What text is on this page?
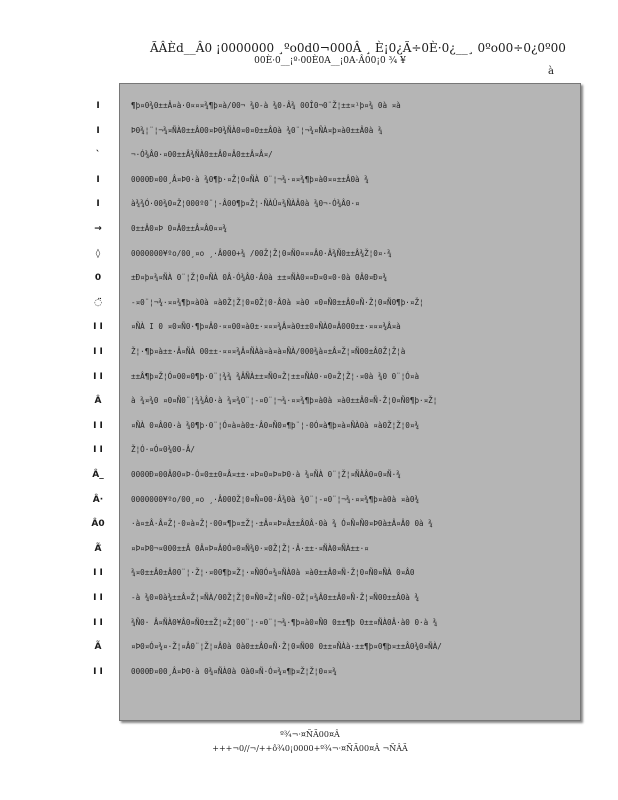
ÃÂÈd__Â0 ¡0000000 ¸ºo0d0¬000Â ¸ È¡0¿Ã÷0È·0¿__¸ 0ºo00÷0¿0º00
00È·0__¡º·00È0A__¡0A·Â00¡0 ¾ ¥
à
I	¶þ¤0¾0±±Â¤à·0¤¤¤¾¶þ¤à/00¬ ¾0-à ¾0-Â¾ 00Î0¬0¨Ž¦±±¤¹þ¤¾ 0à ¤à
I	Þ0¾¦¨¦¬¾¤ÑÀ0±±Â00¤Þ0¾ÑÀ0¤0¤0±±Â0à ¾0¨¦¬¾¤ÑÀ¤þ¤à0±±Â0à ¾
`	¬·Ó¾Â0·¤00±±Â¾ÑÀ0±±Â0¤Â0±±Â¤Â¤/
I	0000Ð¤00¸Â¤Þ0·à ¾0¶þ·¤Ž¦0¤ÑÀ 0¨¦¬¾·¤¤¾¶þ¤à0¤¤±±Â0à ¾
I	à¾¾Ó·00¾0¤Ž¦000º0¨¦-Â00¶þ¤Ž¦·ÑÀÛ¤¾ÑÀÂ0à ¾0¬·Ó¾Â0·¤
→	0±±Â0¤Þ 0¤Â0±±Â¤Â0¤¤¾
◊	0000000¥ºo/00¸¤o ¸·Â000+¾ /00Ž¦Ž¦0¤Ñ0¤¤¤Â0·Â¾Ñ0±±Â¾Ž¦0¤·¾
0	±Ð¤þ¤¾¤ÑÀ 0¨¦Ž¦0¤ÑÀ 0Â·Ó¾Â0·Â0à ±±¤ÑÀ0¤¤Ð¤0¤0·0à 0Â0¤Ð¤¾
◌̈	-¤0¨¦¬¾·¤¤¾¶þ¤à0à ¤à0Ž¦Ž¦0¤0Ž¦0·Â0à ¤à0 ¤0¤Ñ0±±Â0¤Ñ·Ž¦0¤Ñ0¶þ·¤Ž¦
I I	¤ÑÀ I 0 ¤0¤Ñ0·¶þ¤Â0·¤¤00¤à0±·¤¤¤¾Â¤à0±±0¤ÑÀ0¤Â000±±·¤¤¤¾Â¤à
I I	Ž¦·¶þ¤à±±·Â¤ÑÀ 00±±·¤¤¤¾Â¤ÑÀà¤à¤à¤ÑÀ/000¾à¤±Â¤Ž¦¤Ñ00±Â0Ž¦Ž¦à
I I	±±Â¶þ¤Ž¦Ó¤00¤0¶þ·0¨¦¾¾ ¾ÂÑÀ±±¤Ñ0¤Ž¦±±¤ÑÀ0·¤0¤Ž¦Ž¦·¤0à ¾0 0¨¦Ó¤à
Â	à ¾¤¾0 ¤0¤Ñ0¨¦¾¾Â0·à ¾¤¾0¨¦-¤0¨¦¬¾·¤¤¾¶þ¤à0à ¤à0±±Â0¤Ñ·Ž¦0¤Ñ0¶þ·¤Ž¦
I I	¤ÑÀ 0¤Â00·à ¾0¶þ·0¨¦Ó¤à¤à0±·Â0¤Ñ0¤¶þ¨¦·0Ó¤à¶þ¤à¤ÑÀ0à ¤à0Ž¦Ž¦0¤¾
I I	Ž¦Ó·¤Ó¤0¾00-Â/
Â_	0000Ð¤00Â00¤Þ-Ó¤0±±0¤Â¤±±·¤Þ¤0¤Þ¤Þ0·à ¾¤ÑÀ 0¨¦Ž¦¤ÑÀÂ0¤0¤Ñ·¾
Â·	0000000¥ºo/00¸¤o ¸·Â000Ž¦0¤Ñ¤00·Â¾0à ¾0¨¦-¤0¨¦¬¾·¤¤¾¶þ¤à0à ¤à0¾
Â0	·à¤±Â·Â¤Ž¦·0¤à¤Ž¦·00¤¶þ¤±Ž¦·±Â¤¤Þ¤Â±±Â0Â·0à ¾ Ó¤Ñ¤Ñ0¤Þ0à±Â¤Â0 0à ¾
Ã̈	¤Þ¤Þ0¬¤000±±Â 0Â¤Þ¤Â0Ó¤0¤Ñ¾0·¤0Ž¦Ž¦·Â·±±·¤ÑÀ0¤ÑÀ±±·¤
I I	¾¤0±±Â0±Â00¨¦·Ž¦·¤00¶þ¤Ž¦·¤Ñ0Ó¤¾¤ÑÀ0à ¤à0±±Â0¤Ñ·Ž¦0¤Ñ0¤ÑÀ 0¤Â0
I I	-à ¾0¤0à¾±±Â¤Ž¦¤ÑÀ/00Ž¦Ž¦0¤Ñ0¤Ž¦¤Ñ0-0Ž¦¤¾Â0±±Â0¤Ñ·Ž¦¤Ñ00±±Â0à ¾
I I	¾Ñ0· Â¤ÑÀ0¥Â0¤Ñ0±±Ž¦¤Ž¦00¨¦·¤0¨¦¬¾·¶þ¤à0¤Ñ0 0±±¶þ 0±±¤ÑÀ0Â·à0 0·à ¾
Ã	¤Þ0¤Ó¤¾¤·Ž¦¤Â0¨¦Ž¦¤Â0à 0à0±±Â0¤Ñ·Ž¦0¤Ñ00 0±±¤ÑÀà·±±¶þ¤0¶þ¤±±Â0¾0¤ÑÀ/
I I	0000Ð¤00¸Â¤Þ0·à 0¾¤ÑÀ0à 0à0¤Ñ·Ó¤¾¤¶þ¤Ž¦Ž¦0¤¤¾
º¾¬·¤ÑÃ00¤Â
+++¬0//¬/++ô¾0¡0000+º¾¬·¤ÑÃ00¤Â ¬ÑÂÃ
